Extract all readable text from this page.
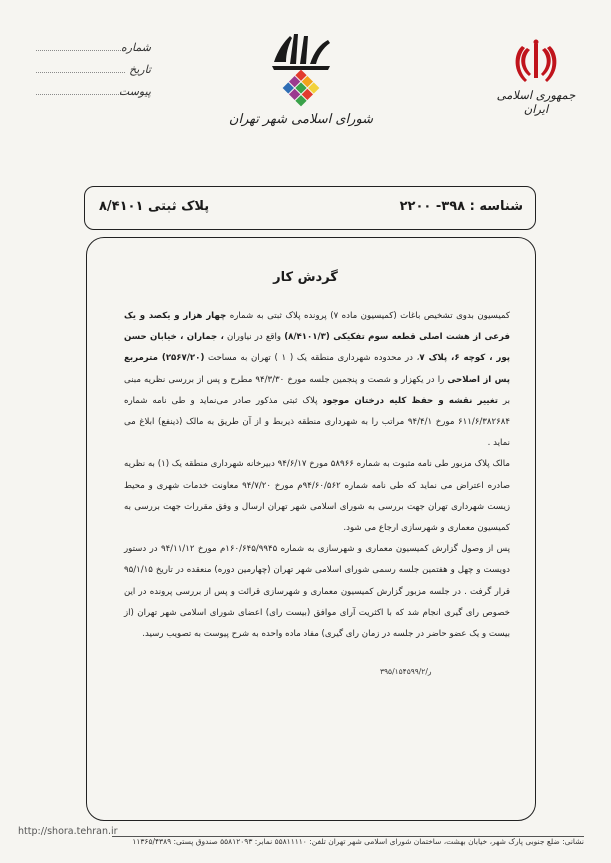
شماره
تاریخ
پیوست
شورای اسلامی شهر تهران
جمهوری اسلامی ایران
شناسه : ۳۹۸- ۲۲۰۰
پلاک ثبتی ۸/۴۱۰۱
گردش کار

کمیسیون بدوی تشخیص باغات (کمیسیون ماده ۷) پرونده پلاک ثبتی به شماره چهار هزار و یکصد و یک فرعی از هشت اصلی قطعه سوم تفکیکی (۸/۴۱۰۱/۳) واقع در نیاوران ، جماران ، خیابان حسن پور ، کوچه ۶، پلاک ۷، در محدوده شهرداری منطقه یک ( ۱ ) تهران به مساحت (۲۵۶۷/۲۰) مترمربع پس از اصلاحی را در یکهزار و شصت و پنجمین جلسه مورخ ۹۴/۳/۳۰ مطرح و پس از بررسی نظریه مبنی بر تغییر نقشه و حفظ کلیه درختان موجود پلاک ثبتی مذکور صادر می‌نماید و طی نامه شماره ۶۱۱/۶/۳۸۲۶۸۴ مورخ ۹۴/۴/۱ مراتب را به شهرداری منطقه ذیربط و از آن طریق به مالک (ذینفع) ابلاغ می نماید .

مالک پلاک مزبور طی نامه مثبوت به شماره ۵۸۹۶۶ مورخ ۹۴/۶/۱۷ دبیرخانه شهرداری منطقه یک (۱) به نظریه صادره اعتراض می نماید که طی نامه شماره ۹۴/۶۰/۵۶۲م مورخ ۹۴/۷/۲۰ معاونت خدمات شهری و محیط زیست شهرداری تهران جهت بررسی به شورای اسلامی شهر تهران ارسال و وفق مقررات جهت بررسی به کمیسیون معماری و شهرسازی ارجاع می شود.

پس از وصول گزارش کمیسیون معماری و شهرسازی به شماره ۱۶۰/۶۴۵/۹۹۴۵م مورخ ۹۴/۱۱/۱۲ در دستور دویست و چهل و هفتمین جلسه رسمی شورای اسلامی شهر تهران (چهارمین دوره) منعقده در تاریخ ۹۵/۱/۱۵ قرار گرفت . در جلسه مزبور گزارش کمیسیون معماری و شهرسازی قرائت و پس از بررسی پرونده در این خصوص رای گیری انجام شد که با اکثریت آرای موافق (بیست رای) اعضای شورای اسلامی شهر تهران (از بیست و یک عضو حاضر در جلسه در زمان رای گیری) مفاد ماده واحده به شرح پیوست به تصویب رسید.

۳۹۵/۱۵۴۵۹۹/۲/ر
http://shora.tehran.ir
نشانی: ضلع جنوبی پارک شهر، خیابان بهشت، ساختمان شورای اسلامی شهر تهران تلفن: ۵۵۸۱۱۱۱۰ نمابر: ۵۵۸۱۲۰۹۳ صندوق پستی: ۱۱۳۶۵/۴۳۸۹
